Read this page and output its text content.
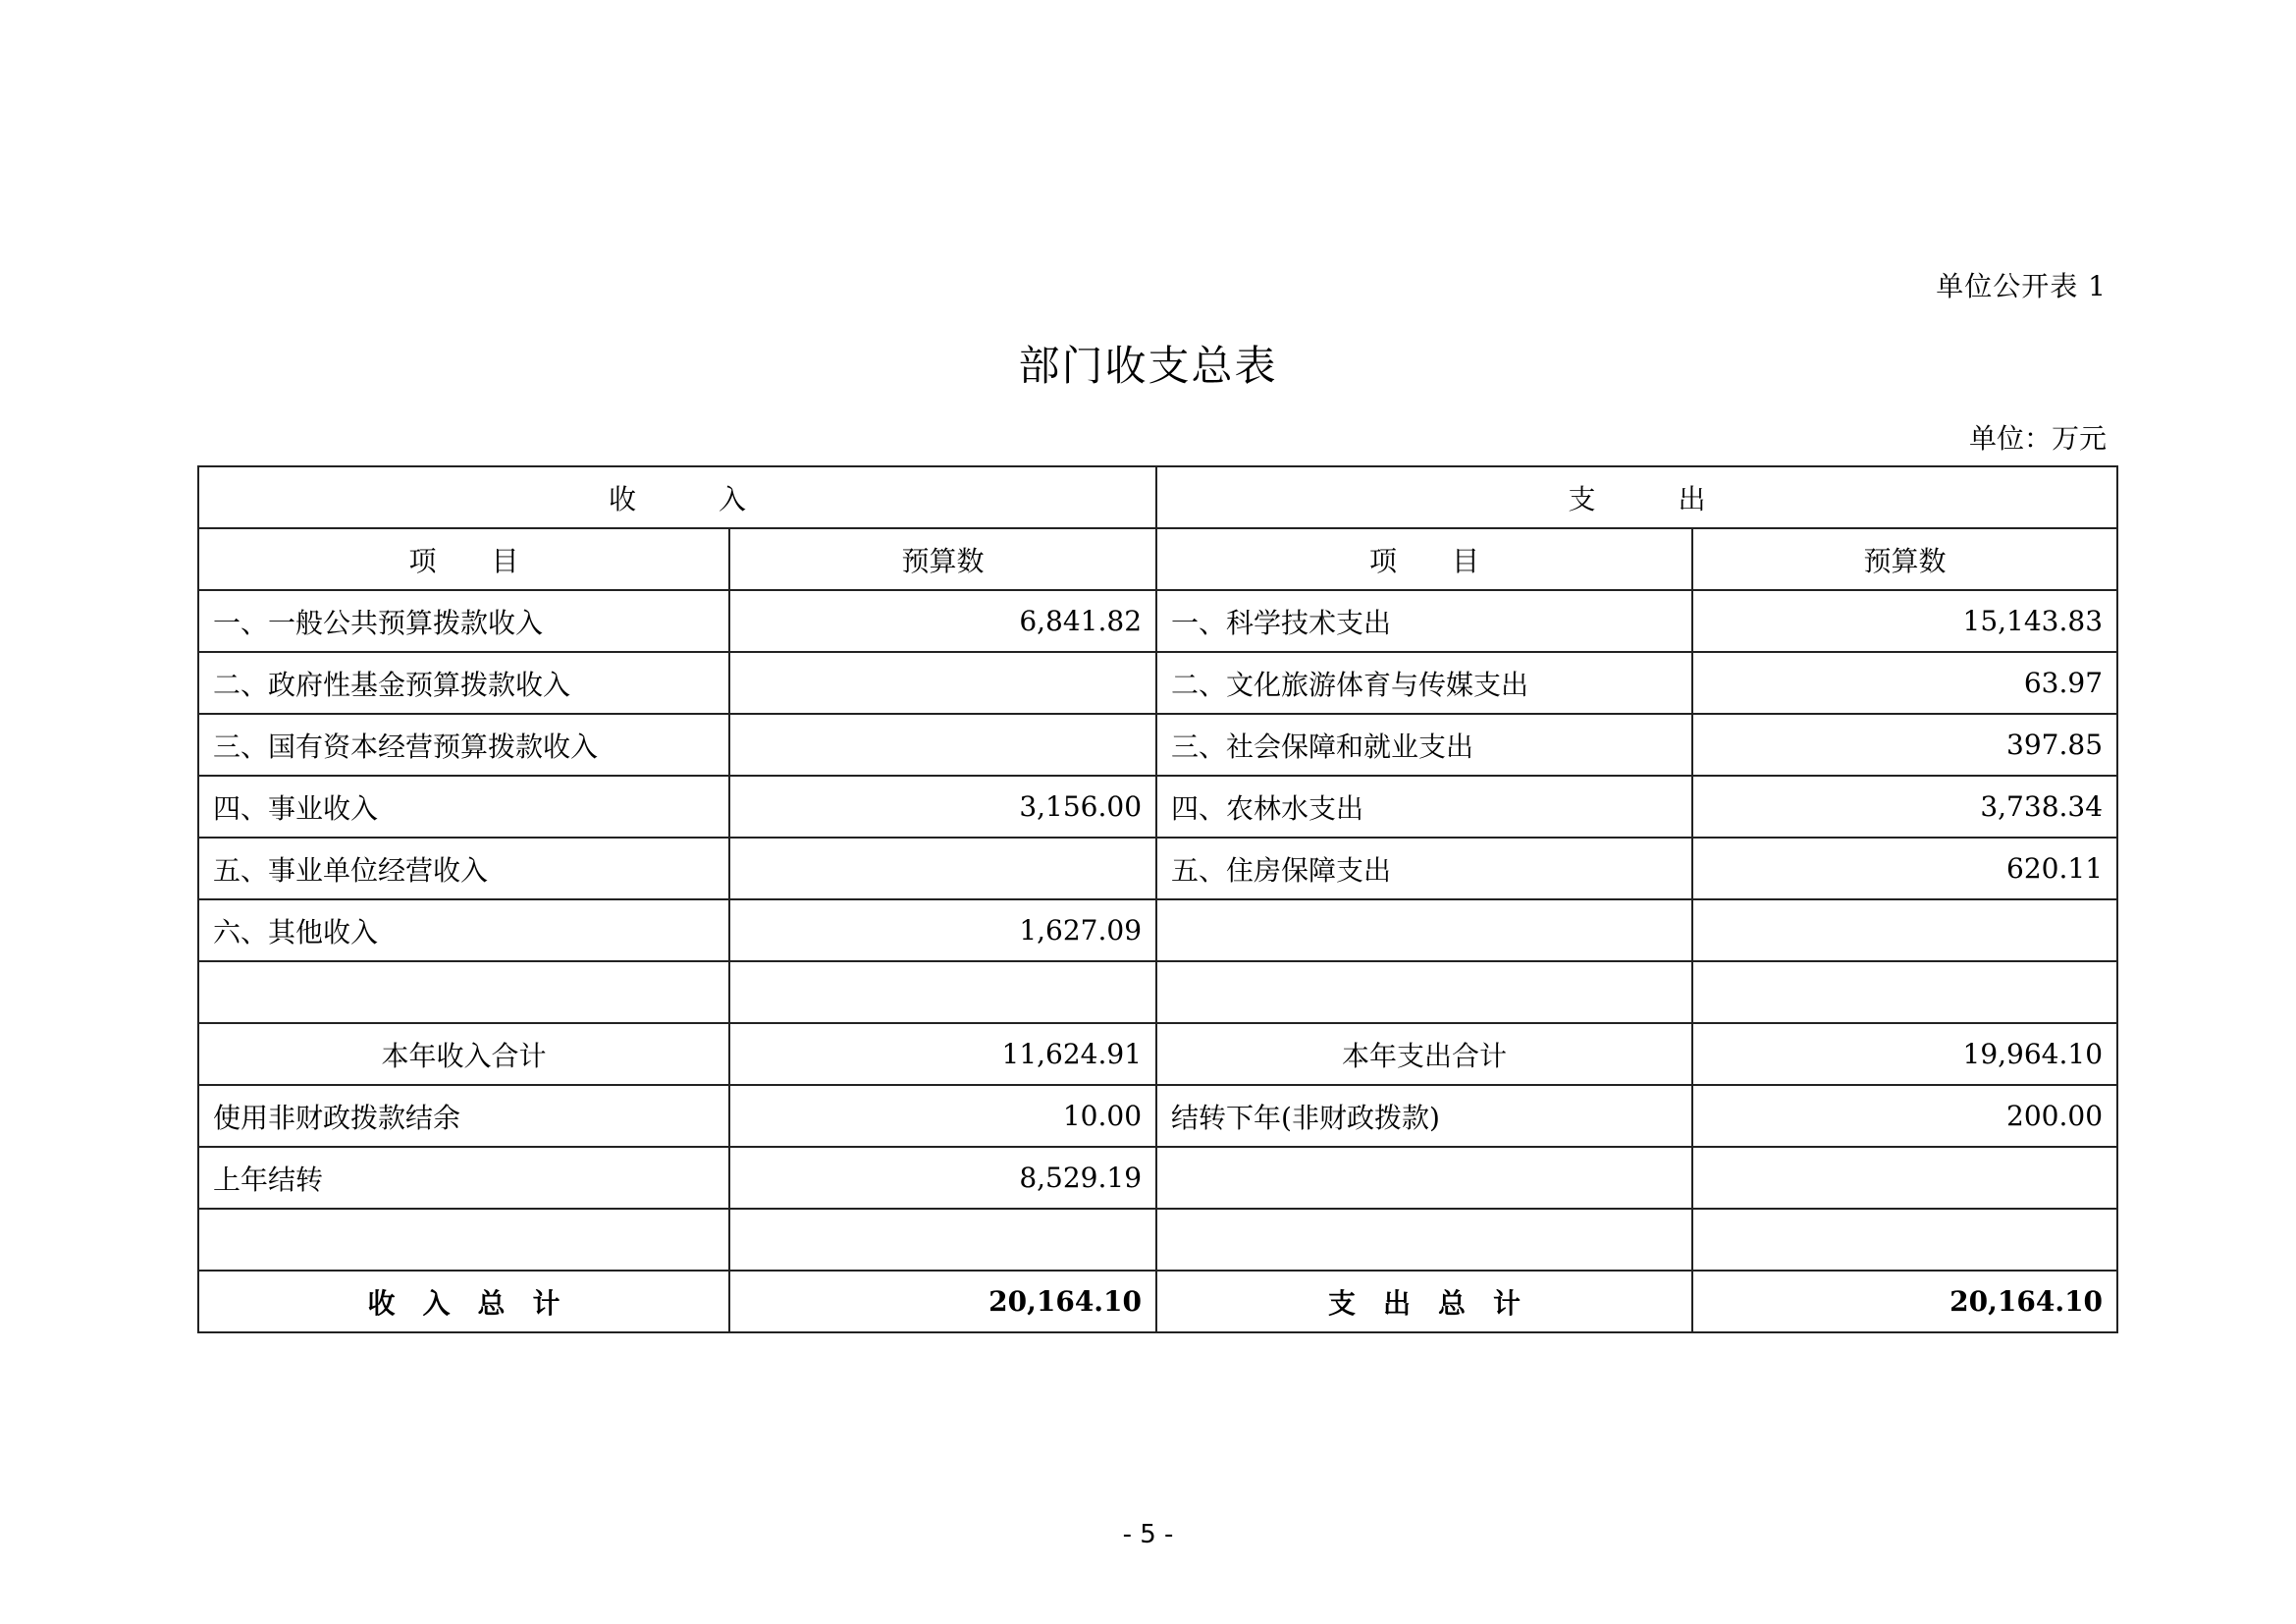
单位公开表 1
部门收支总表
单位：万元
收　　　入		支　　　出	
项　　目	预算数	项　　目	预算数
一、一般公共预算拨款收入	6,841.82	一、科学技术支出	15,143.83
二、政府性基金预算拨款收入		二、文化旅游体育与传媒支出	63.97
三、国有资本经营预算拨款收入		三、社会保障和就业支出	397.85
四、事业收入	3,156.00	四、农林水支出	3,738.34
五、事业单位经营收入		五、住房保障支出	620.11
六、其他收入	1,627.09		

本年收入合计	11,624.91	本年支出合计	19,964.10
使用非财政拨款结余	10.00	结转下年(非财政拨款)	200.00
上年结转	8,529.19		

收　入　总　计	20,164.10	支　出　总　计	20,164.10
- 5 -
